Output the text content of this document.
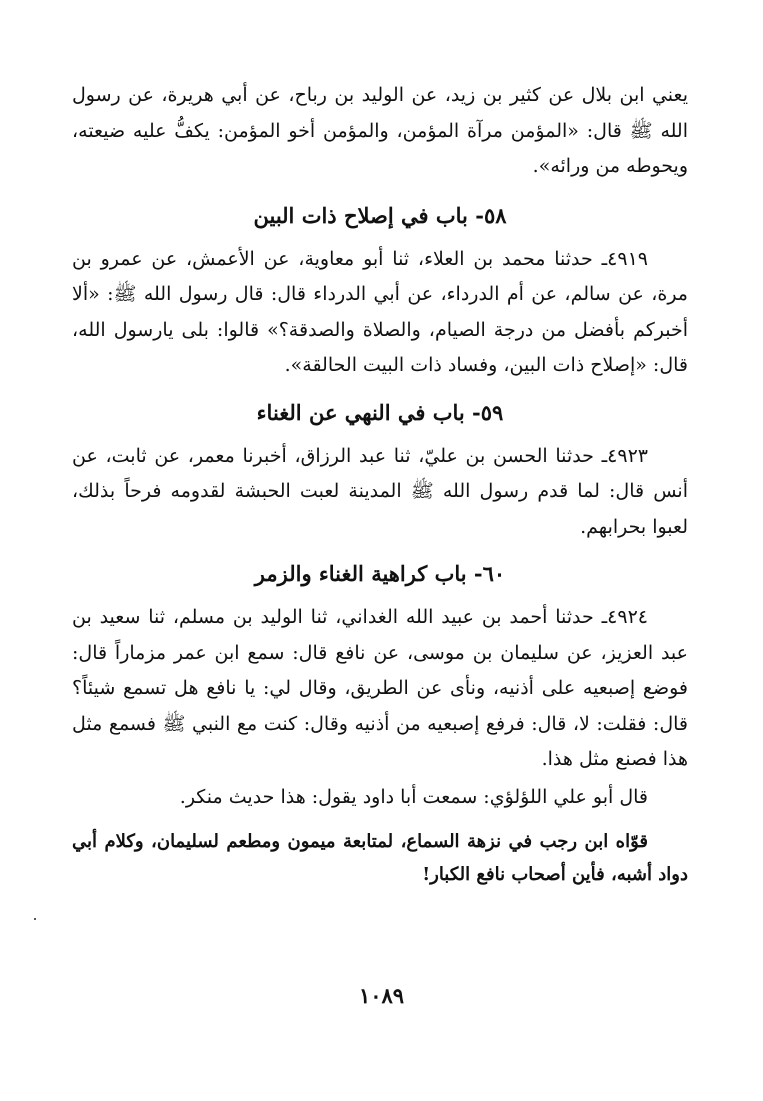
يعني ابن بلال عن كثير بن زيد، عن الوليد بن رباح، عن أبي هريرة، عن رسول الله ﷺ قال: «المؤمن مرآة المؤمن، والمؤمن أخو المؤمن: يكفُّ عليه ضيعته، ويحوطه من ورائه».

٥٨- باب في إصلاح ذات البين

٤٩١٩ـ حدثنا محمد بن العلاء، ثنا أبو معاوية، عن الأعمش، عن عمرو بن مرة، عن سالم، عن أم الدرداء، عن أبي الدرداء قال: قال رسول الله ﷺ: «ألا أخبركم بأفضل من درجة الصيام، والصلاة والصدقة؟» قالوا: بلى يارسول الله، قال: «إصلاح ذات البين، وفساد ذات البيت الحالقة».

٥٩- باب في النهي عن الغناء

٤٩٢٣ـ حدثنا الحسن بن عليّ، ثنا عبد الرزاق، أخبرنا معمر، عن ثابت، عن أنس قال: لما قدم رسول الله ﷺ المدينة لعبت الحبشة لقدومه فرحاً بذلك، لعبوا بحرابهم.

٦٠- باب كراهية الغناء والزمر

٤٩٢٤ـ حدثنا أحمد بن عبيد الله الغداني، ثنا الوليد بن مسلم، ثنا سعيد بن عبد العزيز، عن سليمان بن موسى، عن نافع قال: سمع ابن عمر مزماراً قال: فوضع إصبعيه على أذنيه، ونأى عن الطريق، وقال لي: يا نافع هل تسمع شيئاً؟ قال: فقلت: لا، قال: فرفع إصبعيه من أذنيه وقال: كنت مع النبي ﷺ فسمع مثل هذا فصنع مثل هذا.

قال أبو علي اللؤلؤي: سمعت أبا داود يقول: هذا حديث منكر.

قوّاه ابن رجب في نزهة السماع، لمتابعة ميمون ومطعم لسليمان، وكلام أبي دواد أشبه، فأين أصحاب نافع الكبار!

١٠٨٩
